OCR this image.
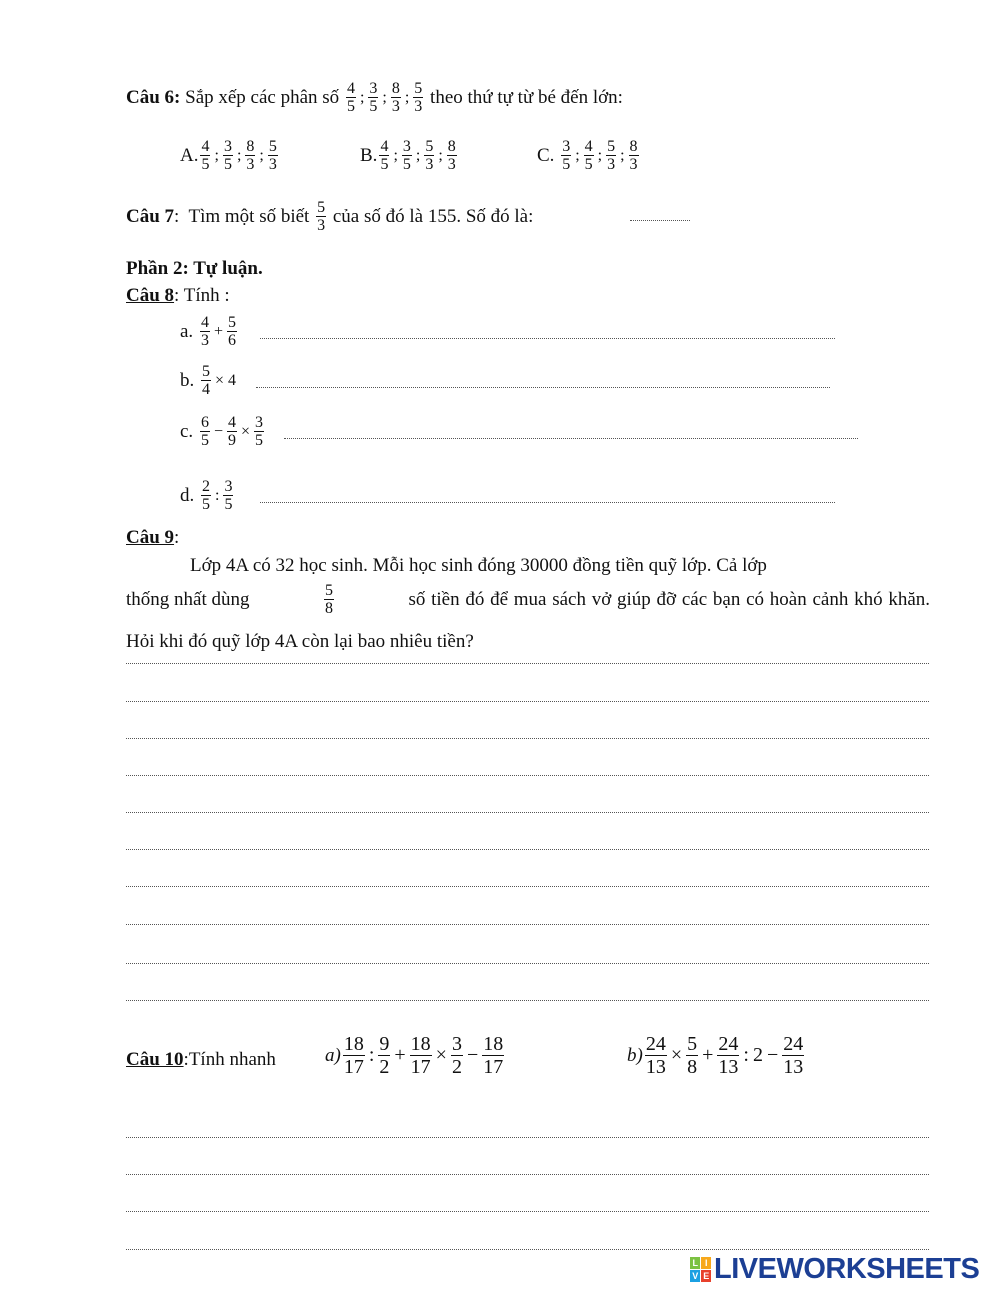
Câu 6:
Sắp xếp các phân số
$\frac{4}{5}$ ; $\frac{3}{5}$ ; $\frac{8}{3}$ ; $\frac{5}{3}$
theo thứ tự từ bé đến lớn:
A. $\frac{4}{5}$ ; $\frac{3}{5}$ ; $\frac{8}{3}$ ; $\frac{5}{3}$	B. $\frac{4}{5}$ ; $\frac{3}{5}$ ; $\frac{5}{3}$ ; $\frac{8}{3}$	C.
$\frac{3}{5}$ ; $\frac{4}{5}$ ; $\frac{5}{3}$ ; $\frac{8}{3}$
Câu 7 :  Tìm một số biết
$\frac{5}{3}$
của số đó là 155. Số đó là:
Phần 2: Tự luận.
Câu 8: Tính :
a.
$\frac{4}{3} + \frac{5}{6}$
b.
$\frac{5}{4} \times 4$
c.
$\frac{6}{5} - \frac{4}{9} \times \frac{3}{5}$
d.
$\frac{2}{5}$ : $\frac{3}{5}$
Câu 9:
Lớp 4A có 32 học sinh. Mỗi học sinh đóng 30000 đồng tiền quỹ lớp. Cả lớp
thống nhất dùng	$\frac{5}{8}$	số tiền đó để mua sách vở giúp đỡ các bạn có hoàn cảnh khó khăn.
Hỏi khi đó quỹ lớp 4A còn lại bao nhiêu tiền?
Câu 10:Tính nhanh	$a) \frac{18}{17}$ : $\frac{9}{2} + \frac{18}{17} \times \frac{3}{2} - \frac{18}{17}$	$b) \frac{24}{13} \times \frac{5}{8} + \frac{24}{13}$ : $2 - \frac{24}{13}$
L I
V E LIVEWORKSHEETS
